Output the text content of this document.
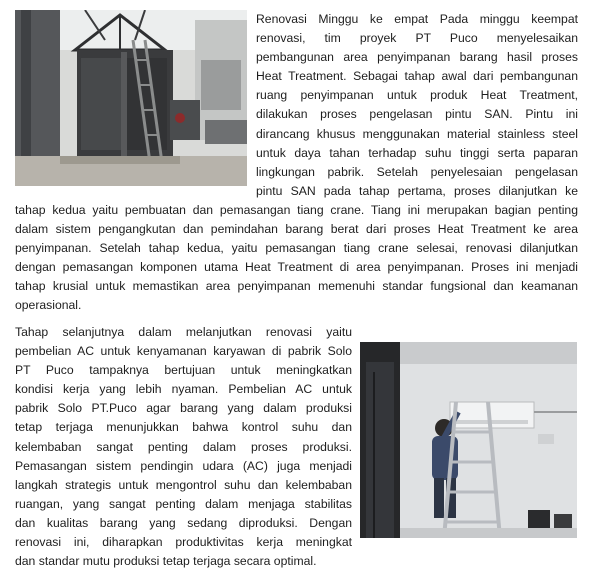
Renovasi Minggu ke empat Pada minggu keempat
renovasi, tim proyek PT Puco menyelesaikan
pembangunan area penyimpanan barang hasil proses
Heat Treatment. Sebagai tahap awal dari pembangunan
ruang penyimpanan untuk produk Heat Treatment,
dilakukan proses pengelasan pintu SAN. Pintu ini
dirancang khusus menggunakan material stainless steel
untuk daya tahan terhadap suhu tinggi serta paparan
lingkungan pabrik. Setelah penyelesaian pengelasan
pintu SAN pada tahap pertama, proses dilanjutkan ke
tahap kedua yaitu pembuatan dan pemasangan tiang crane. Tiang ini merupakan bagian penting
dalam sistem pengangkutan dan pemindahan barang berat dari proses Heat Treatment ke area
penyimpanan. Setelah tahap kedua, yaitu pemasangan tiang crane selesai, renovasi dilanjutkan
dengan pemasangan komponen utama Heat Treatment di area penyimpanan. Proses ini menjadi
tahap krusial untuk memastikan area penyimpanan memenuhi standar fungsional dan keamanan
operasional.
Tahap selanjutnya dalam melanjutkan renovasi yaitu
pembelian AC untuk kenyamanan karyawan di pabrik Solo
PT Puco tampaknya bertujuan untuk meningkatkan
kondisi kerja yang lebih nyaman. Pembelian AC untuk
pabrik Solo PT.Puco agar barang yang dalam produksi
tetap terjaga menunjukkan bahwa kontrol suhu dan
kelembaban sangat penting dalam proses produksi.
Pemasangan sistem pendingin udara (AC) juga menjadi
langkah strategis untuk mengontrol suhu dan kelembaban
ruangan, yang sangat penting dalam menjaga stabilitas
dan kualitas barang yang sedang diproduksi. Dengan
renovasi ini, diharapkan produktivitas kerja meningkat
dan standar mutu produksi tetap terjaga secara optimal.
